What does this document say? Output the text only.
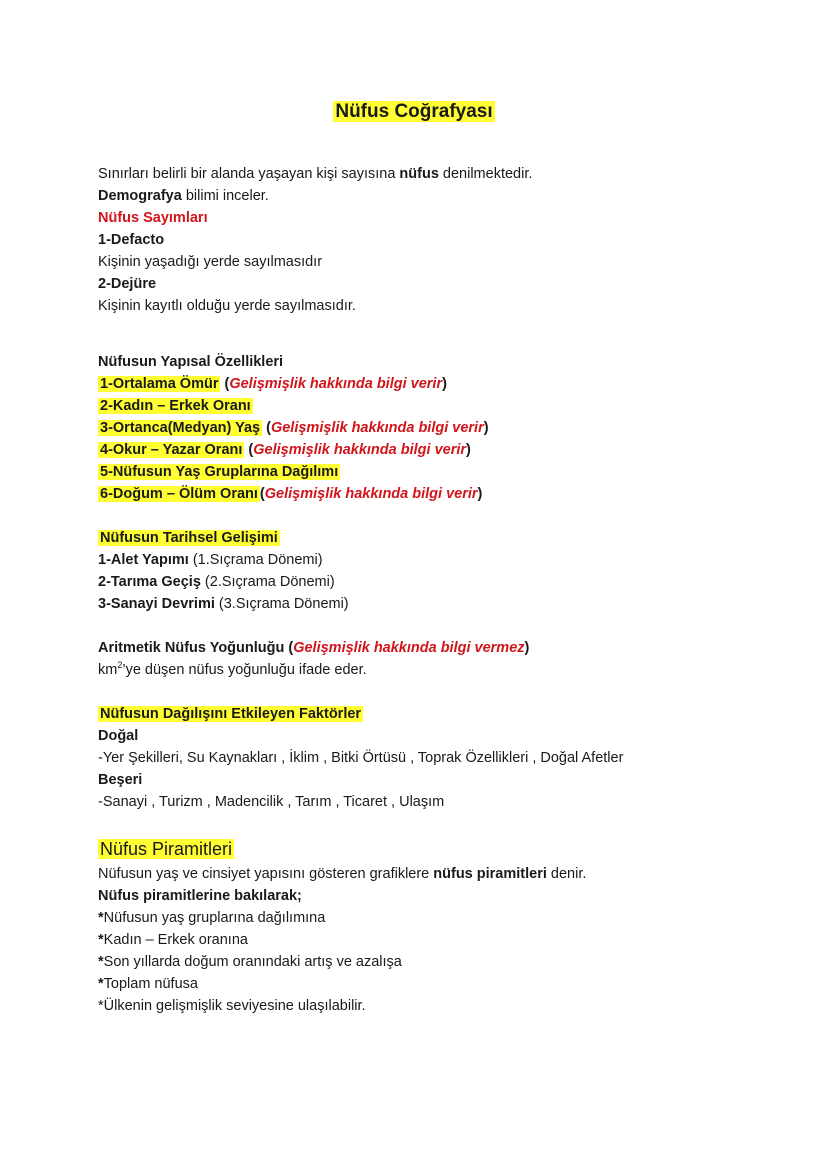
Nüfus Coğrafyası
Sınırları belirli bir alanda yaşayan kişi sayısına nüfus denilmektedir.
Demografya bilimi inceler.
Nüfus Sayımları
1-Defacto
Kişinin yaşadığı yerde sayılmasıdır
2-Dejüre
Kişinin kayıtlı olduğu yerde sayılmasıdır.
Nüfusun Yapısal Özellikleri
1-Ortalama Ömür (Gelişmişlik hakkında bilgi verir)
2-Kadın – Erkek Oranı
3-Ortanca(Medyan) Yaş (Gelişmişlik hakkında bilgi verir)
4-Okur – Yazar Oranı (Gelişmişlik hakkında bilgi verir)
5-Nüfusun Yaş Gruplarına Dağılımı
6-Doğum – Ölüm Oranı (Gelişmişlik hakkında bilgi verir)
Nüfusun Tarihsel Gelişimi
1-Alet Yapımı (1.Sıçrama Dönemi)
2-Tarıma Geçiş (2.Sıçrama Dönemi)
3-Sanayi Devrimi (3.Sıçrama Dönemi)
Aritmetik Nüfus Yoğunluğu (Gelişmişlik hakkında bilgi vermez)
$km^2’ye$ düşen nüfus yoğunluğu ifade eder.
Nüfusun Dağılışını Etkileyen Faktörler
Doğal
-Yer Şekilleri, Su Kaynakları , İklim , Bitki Örtüsü , Toprak Özellikleri , Doğal Afetler
Beşeri
-Sanayi , Turizm , Madencilik , Tarım , Ticaret , Ulaşım
Nüfus Piramitleri
Nüfusun yaş ve cinsiyet yapısını gösteren grafiklere nüfus piramitleri denir.
Nüfus piramitlerine bakılarak;
*Nüfusun yaş gruplarına dağılımına
*Kadın – Erkek oranına
*Son yıllarda doğum oranındaki artış ve azalışa
*Toplam nüfusa
*Ülkenin gelişmişlik seviyesine ulaşılabilir.
